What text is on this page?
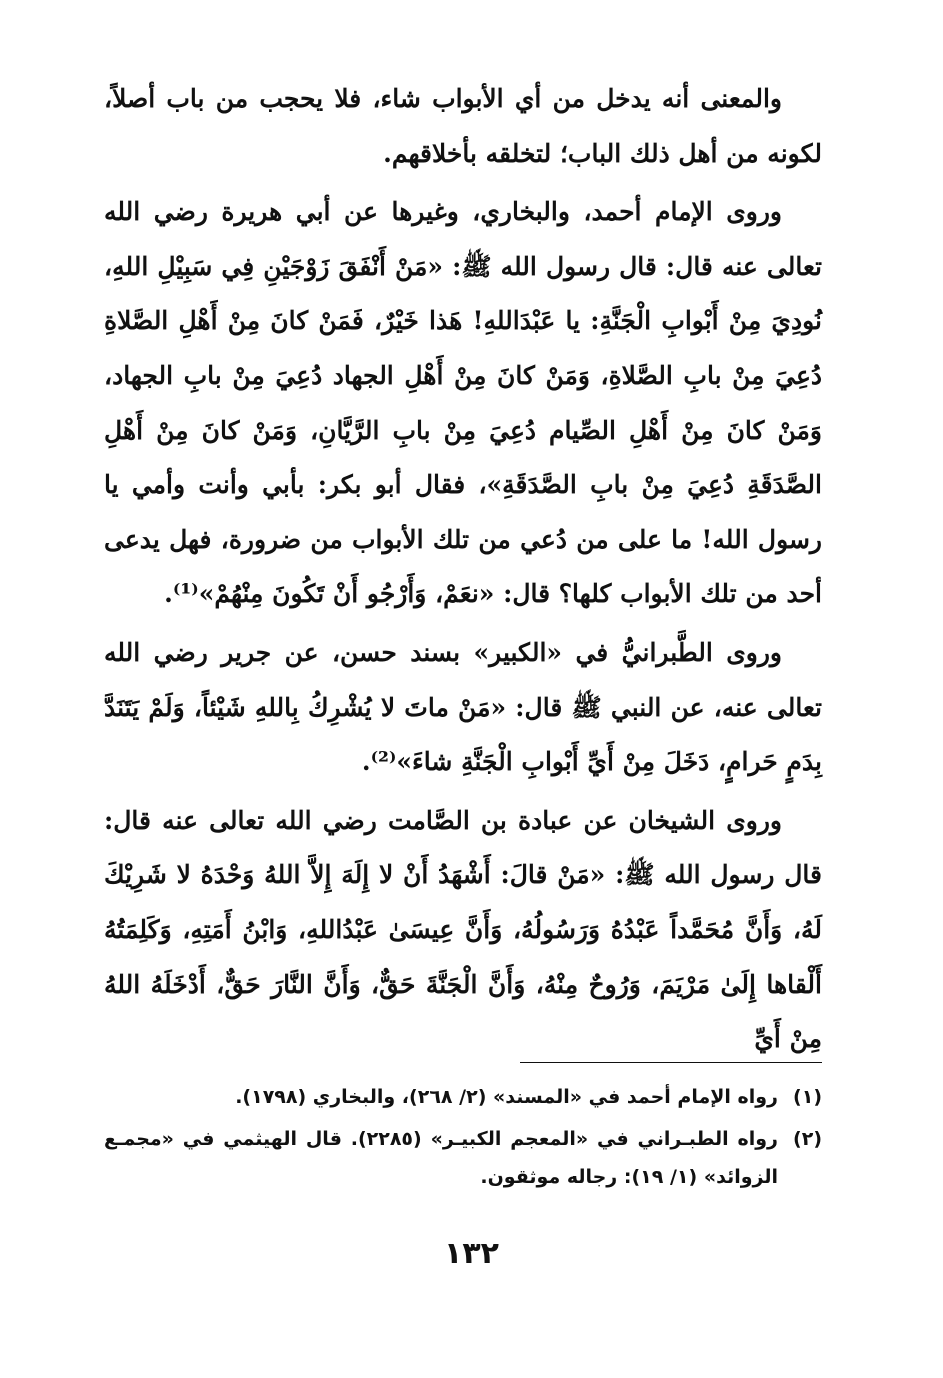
والمعنى أنه يدخل من أي الأبواب شاء، فلا يحجب من باب أصلاً، لكونه من أهل ذلك الباب؛ لتخلقه بأخلاقهم.

وروى الإمام أحمد، والبخاري، وغيرها عن أبي هريرة رضي الله تعالى عنه قال: قال رسول الله ﷺ: «مَنْ أَنْفَقَ زَوْجَيْنِ فِي سَبِيْلِ اللهِ، نُودِيَ مِنْ أَبْوابِ الْجَنَّةِ: يا عَبْدَاللهِ! هَذا خَيْرٌ، فَمَنْ كانَ مِنْ أَهْلِ الصَّلاةِ دُعِيَ مِنْ بابِ الصَّلاةِ، وَمَنْ كانَ مِنْ أَهْلِ الجهاد دُعِيَ مِنْ بابِ الجهاد، وَمَنْ كانَ مِنْ أَهْلِ الصِّيام دُعِيَ مِنْ بابِ الرَّيَّانِ، وَمَنْ كانَ مِنْ أَهْلِ الصَّدَقَةِ دُعِيَ مِنْ بابِ الصَّدَقَةِ»، فقال أبو بكر: بأبي وأنت وأمي يا رسول الله! ما على من دُعي من تلك الأبواب من ضرورة، فهل يدعى أحد من تلك الأبواب كلها؟ قال: «نعَمْ، وَأَرْجُو أَنْ تَكُونَ مِنْهُمْ»⁽¹⁾.

وروى الطَّبرانيُّ في «الكبير» بسند حسن، عن جرير رضي الله تعالى عنه، عن النبي ﷺ قال: «مَنْ ماتَ لا يُشْرِكُ بِاللهِ شَيْئاً، وَلَمْ يَتَنَدَّ بِدَمٍ حَرامٍ، دَخَلَ مِنْ أَيِّ أَبْوابِ الْجَنَّةِ شاءَ»⁽²⁾.

وروى الشيخان عن عبادة بن الصَّامت رضي الله تعالى عنه قال: قال رسول الله ﷺ: «مَنْ قالَ: أَشْهَدُ أَنْ لا إِلَهَ إِلاَّ اللهُ وَحْدَهُ لا شَرِيْكَ لَهُ، وَأَنَّ مُحَمَّداً عَبْدُهُ وَرَسُولُهُ، وَأَنَّ عِيسَىٰ عَبْدُاللهِ، وَابْنُ أَمَتِهِ، وَكَلِمَتُهُ أَلْقاها إِلَىٰ مَرْيَمَ، وَرُوحٌ مِنْهُ، وَأَنَّ الْجَنَّةَ حَقٌّ، وَأَنَّ النَّارَ حَقٌّ، أَدْخَلَهُ اللهُ مِنْ أَيِّ

(١)
رواه الإمام أحمد في «المسند» (٢/ ٢٦٨)، والبخاري (١٧٩٨).
(٢)
رواه الطبـراني في «المعجم الكبيـر» (٢٢٨٥). قال الهيثمي في «مجمـع الزوائد» (١/ ١٩): رجاله موثقون.
١٣٢
